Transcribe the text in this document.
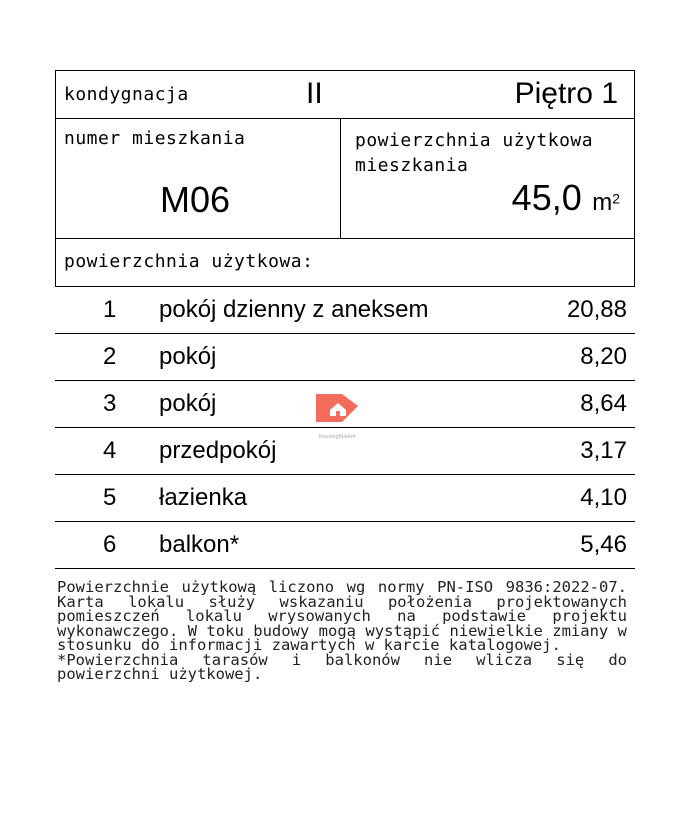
kondygnacja	II	Piętro 1
numer mieszkania
M06
powierzchnia użytkowa mieszkania
45,0 $m^2$
powierzchnia użytkowa:
	1	pokój dzienny z aneksem	20,88
	2	pokój	8,20
	3	pokój	8,64
	4	przedpokój	3,17
	5	łazienka	4,10
	6	balkon*	5,46
HousingMarket

Powierzchnie użytkową liczono wg normy PN-ISO 9836:2022-07. Karta lokalu służy wskazaniu położenia projektowanych pomieszczeń lokalu wrysowanych na podstawie projektu wykonawczego. W toku budowy mogą wystąpić niewielkie zmiany w stosunku do informacji zawartych w karcie katalogowej.

*Powierzchnia tarasów i balkonów nie wlicza się do powierzchni użytkowej.
